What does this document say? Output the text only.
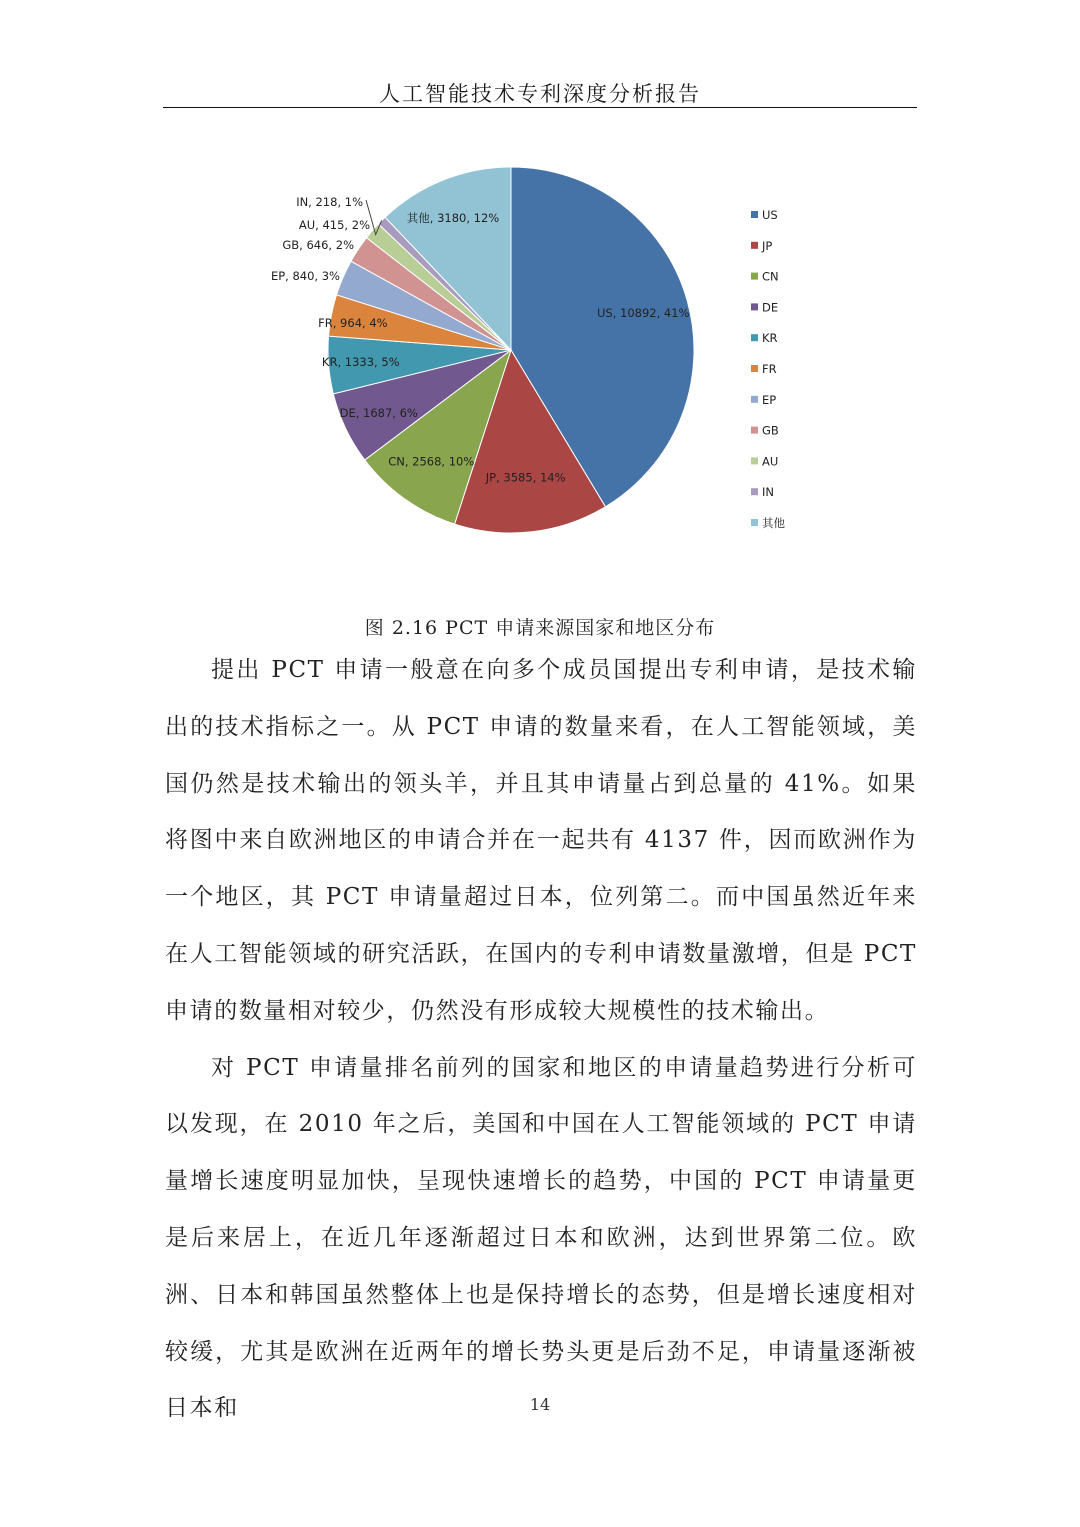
人工智能技术专利深度分析报告
US, 10892, 41%
JP, 3585, 14%
CN, 2568, 10%
DE, 1687, 6%
KR, 1333, 5%
FR, 964, 4%
EP, 840, 3%
GB, 646, 2%
AU, 415, 2%
IN, 218, 1%
其他, 3180, 12%	US
JP
CN
DE
KR
FR
EP
GB
AU
IN
其他
图 2.16 PCT 申请来源国家和地区分布

提出 PCT 申请一般意在向多个成员国提出专利申请，是技术输出的技术指标之一。从 PCT 申请的数量来看，在人工智能领域，美国仍然是技术输出的领头羊，并且其申请量占到总量的 41%。如果将图中来自欧洲地区的申请合并在一起共有 4137 件，因而欧洲作为一个地区，其 PCT 申请量超过日本，位列第二。而中国虽然近年来在人工智能领域的研究活跃，在国内的专利申请数量激增，但是 PCT 申请的数量相对较少，仍然没有形成较大规模性的技术输出。

对 PCT 申请量排名前列的国家和地区的申请量趋势进行分析可以发现，在 2010 年之后，美国和中国在人工智能领域的 PCT 申请量增长速度明显加快，呈现快速增长的趋势，中国的 PCT 申请量更是后来居上，在近几年逐渐超过日本和欧洲，达到世界第二位。欧洲、日本和韩国虽然整体上也是保持增长的态势，但是增长速度相对较缓，尤其是欧洲在近两年的增长势头更是后劲不足，申请量逐渐被日本和	14
